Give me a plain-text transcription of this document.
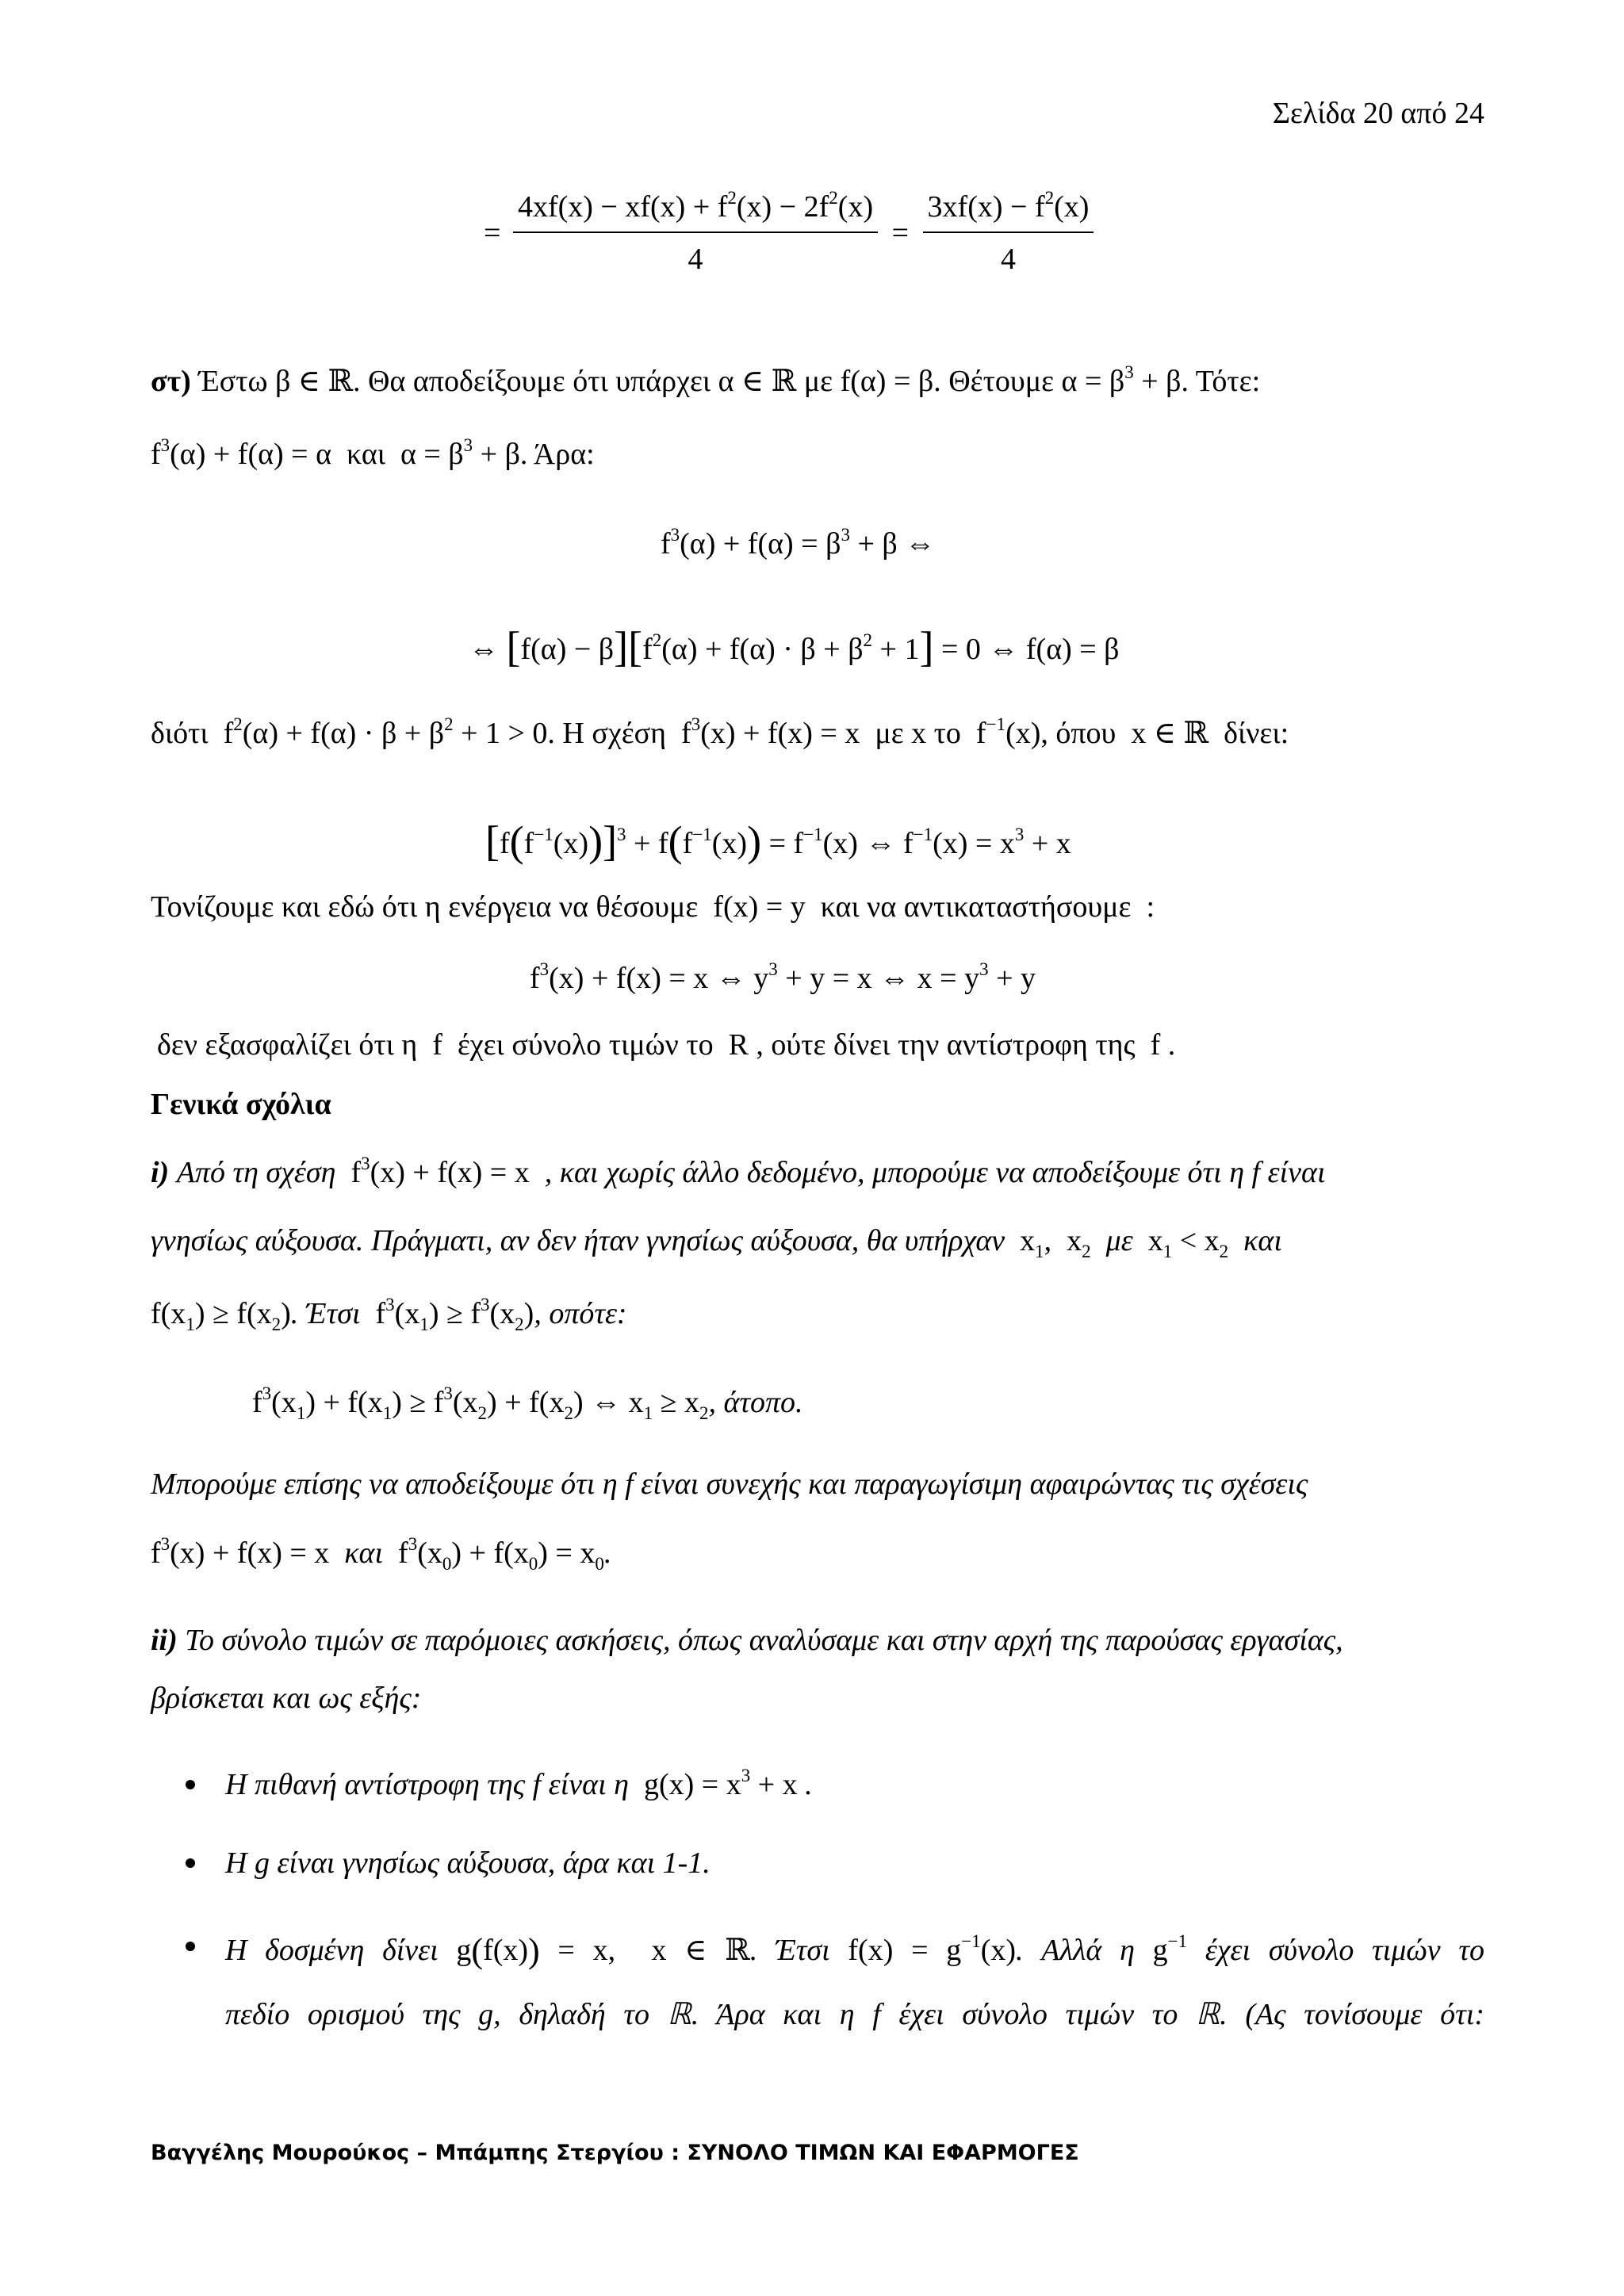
Σελίδα 20 από 24
= $\frac{4xf(x) - xf(x) + f^2(x) - 2f^2(x)}{4} = \frac{3xf(x) - f^2(x)}{4}$
στ) Έστω β ∈ ℝ. Θα αποδείξουμε ότι υπάρχει α ∈ ℝ με f(α) = β. Θέτουμε $\alpha = \beta^3 + \beta$. Τότε:
$f^3(\alpha) + f(\alpha) = \alpha$  και  $\alpha = \beta^3 + \beta$. Άρα:
$f^3(\alpha) + f(\alpha) = \beta^3 + \beta$ ⇔
⇔ $[f(\alpha) - \beta][f^2(\alpha) + f(\alpha) \cdot \beta + \beta^2 + 1] = 0$ ⇔ f(α) = β
διότι  $f^2(\alpha) + f(\alpha) \cdot \beta + \beta^2 + 1 > 0$. Η σχέση  $f^3(x) + f(x) = x$  με x το  $f^{-1}(x)$, όπου  x ∈ ℝ  δίνει:
$[f(f^{-1}(x))]^3 + f(f^{-1}(x)) = f^{-1}(x)$ ⇔ $f^{-1}(x) = x^3 + x$
Τονίζουμε και εδώ ότι η ενέργεια να θέσουμε  f(x) = y  και να αντικαταστήσουμε  :
$f^3(x) + f(x) = x$ ⇔ $y^3 + y = x$ ⇔ $x = y^3 + y$
δεν εξασφαλίζει ότι η  f  έχει σύνολο τιμών το  R , ούτε δίνει την αντίστροφη της  f .
Γενικά σχόλια
i) Από τη σχέση  $f^3(x) + f(x) = x$  , και χωρίς άλλο δεδομένο, μπορούμε να αποδείξουμε ότι η f είναι
γνησίως αύξουσα. Πράγματι, αν δεν ήταν γνησίως αύξουσα, θα υπήρχαν  $x_1$,  $x_2$  με  $x_1 < x_2$  και
$f(x_1) \ge f(x_2)$. Έτσι  $f^3(x_1) \ge f^3(x_2)$, οπότε:
$f^3(x_1) + f(x_1) \ge f^3(x_2) + f(x_2)$ ⇔ $x_1 \ge x_2$, άτοπο.
Μπορούμε επίσης να αποδείξουμε ότι η f είναι συνεχής και παραγωγίσιμη αφαιρώντας τις σχέσεις
$f^3(x) + f(x) = x$  και  $f^3(x_0) + f(x_0) = x_0$.
ii) Το σύνολο τιμών σε παρόμοιες ασκήσεις, όπως αναλύσαμε και στην αρχή της παρούσας εργασίας,
βρίσκεται και ως εξής:
Η πιθανή αντίστροφη της f είναι η  $g(x) = x^3 + x$ .
Η g είναι γνησίως αύξουσα, άρα και 1-1.
Η δοσμένη δίνει g(f(x)) = x,  x ∈ ℝ. Έτσι $f(x) = g^{-1}(x)$. Αλλά η $g^{-1}$ έχει σύνολο τιμών το
πεδίο ορισμού της g, δηλαδή το ℝ. Άρα και η f έχει σύνολο τιμών το ℝ. (Ας τονίσουμε ότι:
Βαγγέλης Μουρούκος – Μπάμπης Στεργίου : ΣΥΝΟΛΟ ΤΙΜΩΝ ΚΑΙ ΕΦΑΡΜΟΓΕΣ
